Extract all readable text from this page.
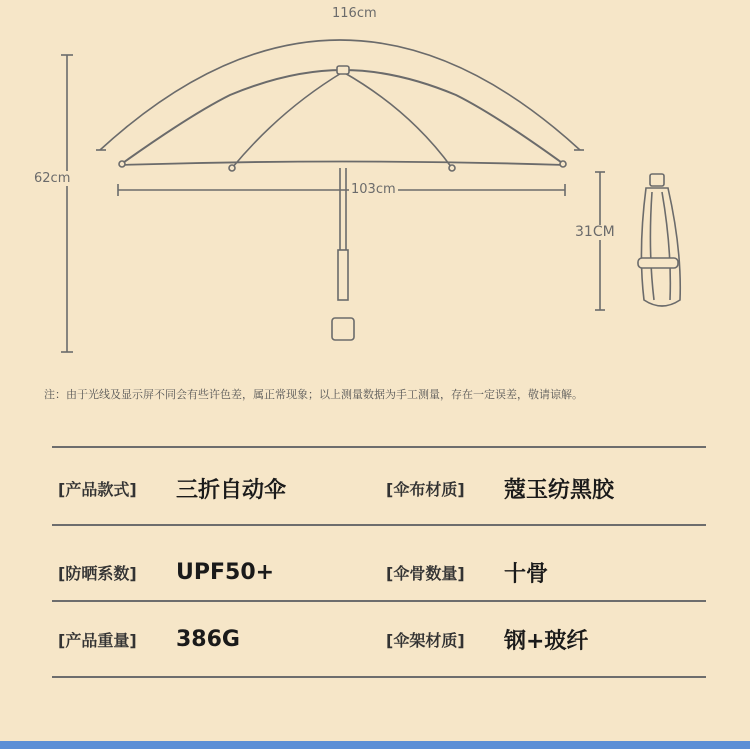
116cm
62cm
103cm
31CM
注：由于光线及显示屏不同会有些许色差，属正常现象；以上测量数据为手工测量，存在一定误差，敬请谅解。
[产品款式]	三折自动伞	[伞布材质]	蔻玉纺黑胶
[防晒系数]	UPF50+	[伞骨数量]	十骨
[产品重量]	386G	[伞架材质]	钢+玻纤
